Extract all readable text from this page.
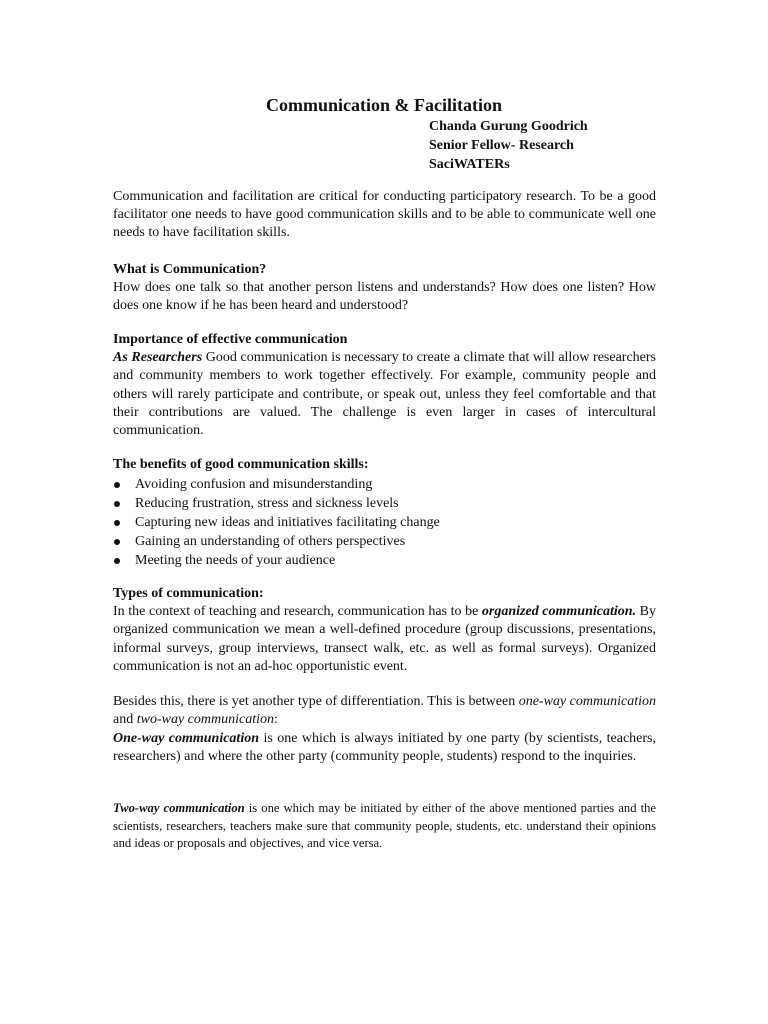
Communication & Facilitation
Chanda Gurung Goodrich
Senior Fellow- Research
SaciWATERs
Communication and facilitation are critical for conducting participatory research. To be a good facilitator one needs to have good communication skills and to be able to communicate well one needs to have facilitation skills.
What is Communication?
How does one talk so that another person listens and understands? How does one listen? How does one know if he has been heard and understood?
Importance of effective communication
As Researchers Good communication is necessary to create a climate that will allow researchers and community members to work together effectively. For example, community people and others will rarely participate and contribute, or speak out, unless they feel comfortable and that their contributions are valued. The challenge is even larger in cases of intercultural communication.
The benefits of good communication skills:
Avoiding confusion and misunderstanding
Reducing frustration, stress and sickness levels
Capturing new ideas and initiatives facilitating change
Gaining an understanding of others perspectives
Meeting the needs of your audience
Types of communication:
In the context of teaching and research, communication has to be organized communication. By organized communication we mean a well-defined procedure (group discussions, presentations, informal surveys, group interviews, transect walk, etc. as well as formal surveys). Organized communication is not an ad-hoc opportunistic event.
Besides this, there is yet another type of differentiation. This is between one-way communication and two-way communication:
One-way communication is one which is always initiated by one party (by scientists, teachers, researchers) and where the other party (community people, students) respond to the inquiries.
Two-way communication is one which may be initiated by either of the above mentioned parties and the scientists, researchers, teachers make sure that community people, students, etc. understand their opinions and ideas or proposals and objectives, and vice versa.
